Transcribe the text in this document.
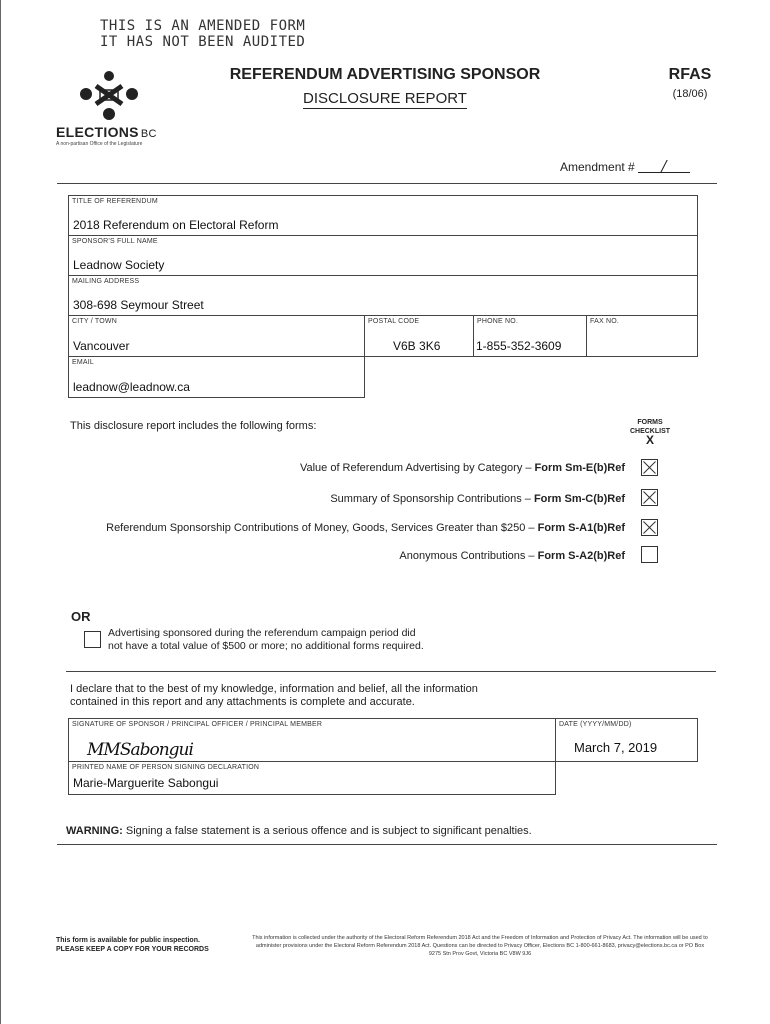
THIS IS AN AMENDED FORM
IT HAS NOT BEEN AUDITED
ELECTIONS BC
A non-partisan Office of the Legislature
REFERENDUM ADVERTISING SPONSOR
DISCLOSURE REPORT
RFAS
(18/06)
Amendment # /
TITLE OF REFERENDUM
2018 Referendum on Electoral Reform
SPONSOR'S FULL NAME
Leadnow Society
MAILING ADDRESS
308-698 Seymour Street
CITY / TOWN
Vancouver
POSTAL CODE
V6B 3K6
PHONE NO.
1-855-352-3609
FAX NO.
EMAIL
leadnow@leadnow.ca
This disclosure report includes the following forms:	FORMS
CHECKLIST
X
Value of Referendum Advertising by Category – Form Sm-E(b)Ref
Summary of Sponsorship Contributions – Form Sm-C(b)Ref
Referendum Sponsorship Contributions of Money, Goods, Services Greater than $250 – Form S-A1(b)Ref
Anonymous Contributions – Form S-A2(b)Ref
OR
Advertising sponsored during the referendum campaign period did
not have a total value of $500 or more; no additional forms required.
I declare that to the best of my knowledge, information and belief, all the information
contained in this report and any attachments is complete and accurate.
SIGNATURE OF SPONSOR / PRINCIPAL OFFICER / PRINCIPAL MEMBER
MMSabongui
DATE (YYYY/MM/DD)
March 7, 2019
PRINTED NAME OF PERSON SIGNING DECLARATION
Marie-Marguerite Sabongui
WARNING: Signing a false statement is a serious offence and is subject to significant penalties.
This form is available for public inspection.
PLEASE KEEP A COPY FOR YOUR RECORDS
This information is collected under the authority of the Electoral Reform Referendum 2018 Act and the Freedom of Information and Protection of Privacy Act. The information will be used to administer provisions under the Electoral Reform Referendum 2018 Act. Questions can be directed to Privacy Officer, Elections BC 1-800-661-8683, privacy@elections.bc.ca or PO Box 9275 Stn Prov Govt, Victoria BC V8W 9J6
